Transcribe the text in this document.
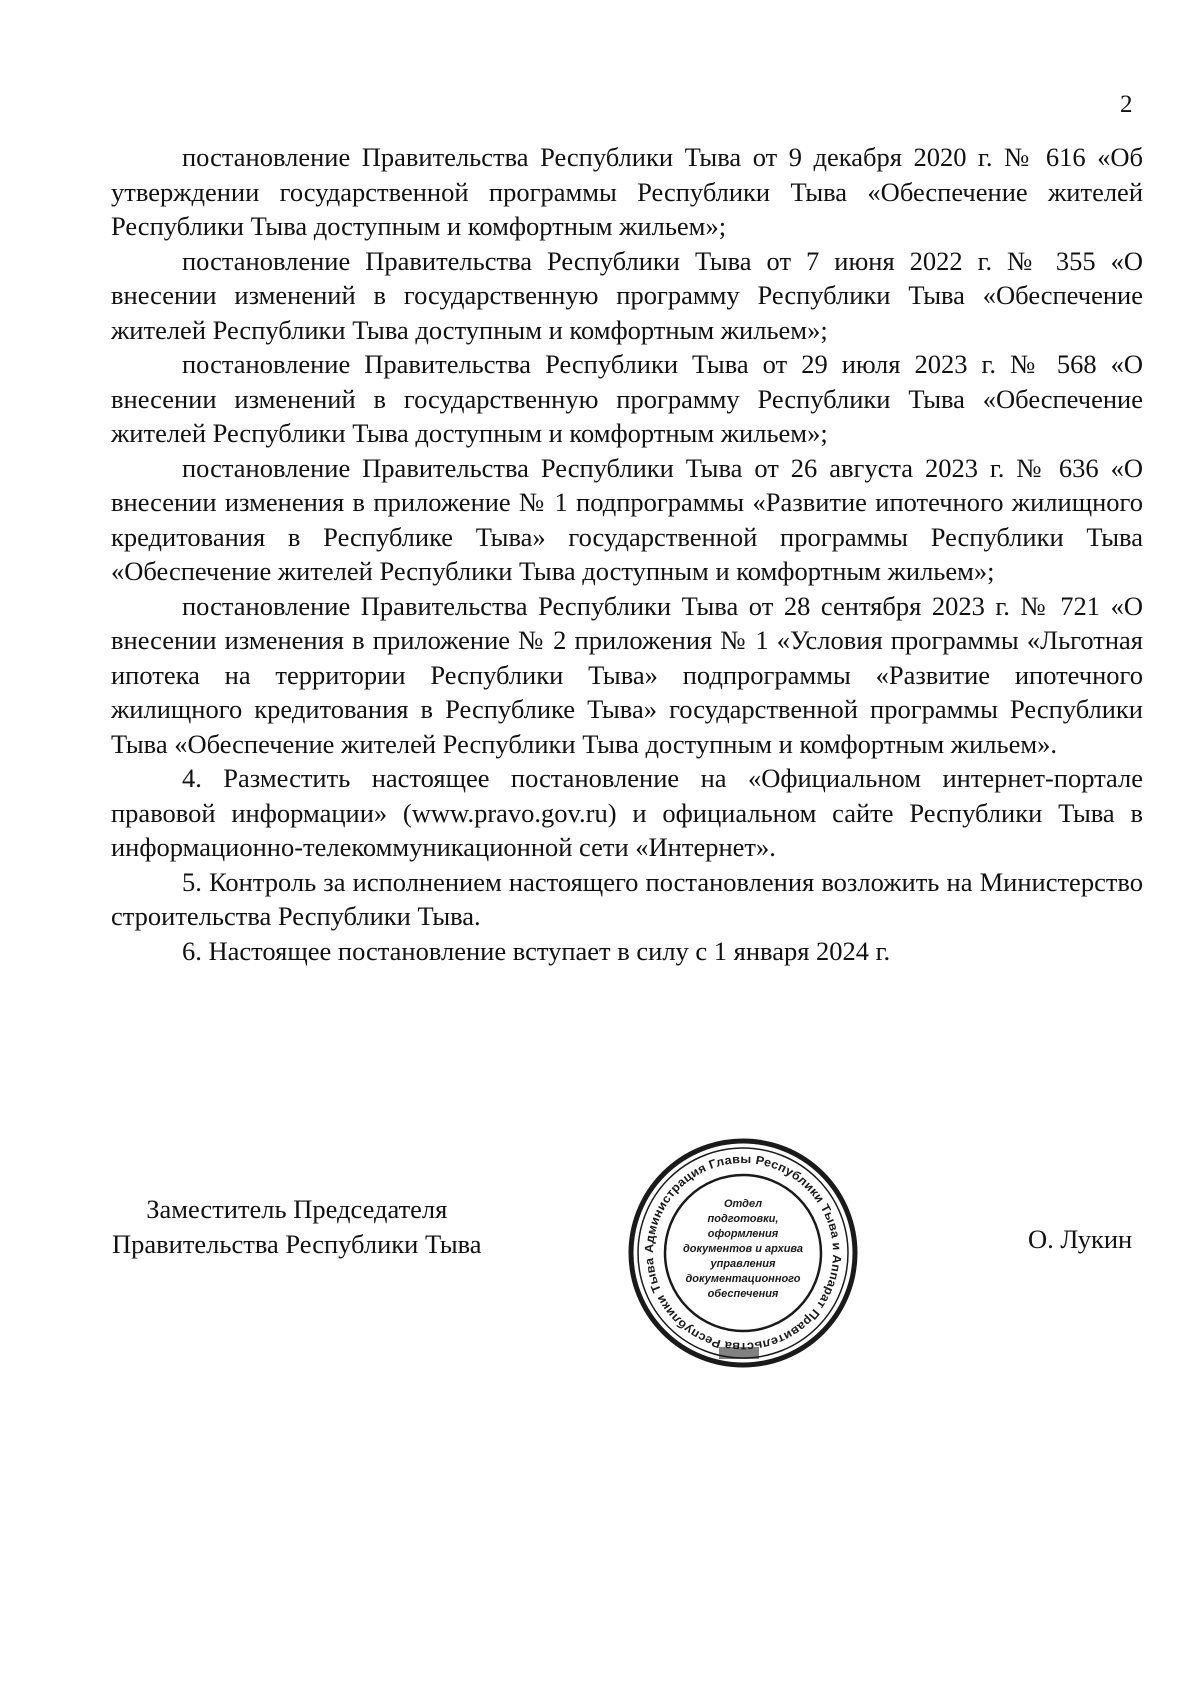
2

постановление Правительства Республики Тыва от 9 декабря 2020 г. № 616 «Об утверждении государственной программы Республики Тыва «Обеспечение жителей Республики Тыва доступным и комфортным жильем»;

постановление Правительства Республики Тыва от 7 июня 2022 г. № 355 «О внесении изменений в государственную программу Республики Тыва «Обеспечение жителей Республики Тыва доступным и комфортным жильем»;

постановление Правительства Республики Тыва от 29 июля 2023 г. № 568 «О внесении изменений в государственную программу Республики Тыва «Обеспечение жителей Республики Тыва доступным и комфортным жильем»;

постановление Правительства Республики Тыва от 26 августа 2023 г. № 636 «О внесении изменения в приложение № 1 подпрограммы «Развитие ипотечного жилищного кредитования в Республике Тыва» государственной программы Республики Тыва «Обеспечение жителей Республики Тыва доступным и комфортным жильем»;

постановление Правительства Республики Тыва от 28 сентября 2023 г. № 721 «О внесении изменения в приложение № 2 приложения № 1 «Условия программы «Льготная ипотека на территории Республики Тыва» подпрограммы «Развитие ипотечного жилищного кредитования в Республике Тыва» государственной программы Республики Тыва «Обеспечение жителей Республики Тыва доступным и комфортным жильем».

4. Разместить настоящее постановление на «Официальном интернет-портале правовой информации» (www.pravo.gov.ru) и официальном сайте Республики Тыва в информационно-телекоммуникационной сети «Интернет».

5. Контроль за исполнением настоящего постановления возложить на Министерство строительства Республики Тыва.

6. Настоящее постановление вступает в силу с 1 января 2024 г.

Заместитель Председателя
Правительства Республики Тыва	О. Лукин
Администрация Главы Республики Тыва и Аппарат Правительства Республики Тыва
Отдел
подготовки,
оформления
документов и архива
управления
документационного
обеспечения
